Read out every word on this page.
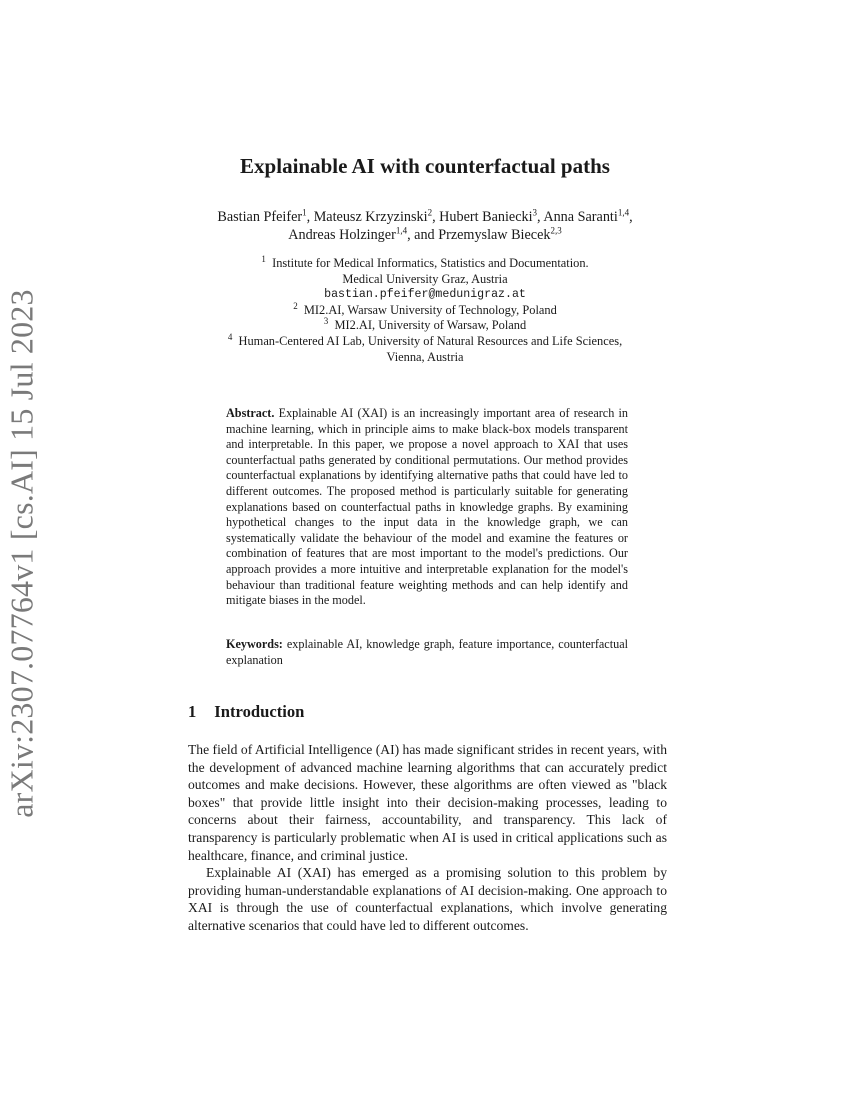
arXiv:2307.07764v1 [cs.AI] 15 Jul 2023
Explainable AI with counterfactual paths
Bastian Pfeifer$^1$, Mateusz Krzyzinski$^2$, Hubert Baniecki$^3$, Anna Saranti$^{1,4}$,
Andreas Holzinger$^{1,4}$, and Przemyslaw Biecek$^{2,3}$
$^1$ Institute for Medical Informatics, Statistics and Documentation.
Medical University Graz, Austria
bastian.pfeifer@medunigraz.at
$^2$ MI2.AI, Warsaw University of Technology, Poland
$^3$ MI2.AI, University of Warsaw, Poland
$^4$ Human-Centered AI Lab, University of Natural Resources and Life Sciences,
Vienna, Austria
Abstract. Explainable AI (XAI) is an increasingly important area of research in machine learning, which in principle aims to make black-box models transparent and interpretable. In this paper, we propose a novel approach to XAI that uses counterfactual paths generated by conditional permutations. Our method provides counterfactual explanations by identifying alternative paths that could have led to different outcomes. The proposed method is particularly suitable for generating explanations based on counterfactual paths in knowledge graphs. By examining hypothetical changes to the input data in the knowledge graph, we can systematically validate the behaviour of the model and examine the features or combination of features that are most important to the model's predictions. Our approach provides a more intuitive and interpretable explanation for the model's behaviour than traditional feature weighting methods and can help identify and mitigate biases in the model.
Keywords: explainable AI, knowledge graph, feature importance, counterfactual explanation
1 Introduction

The field of Artificial Intelligence (AI) has made significant strides in recent years, with the development of advanced machine learning algorithms that can accurately predict outcomes and make decisions. However, these algorithms are often viewed as "black boxes" that provide little insight into their decision-making processes, leading to concerns about their fairness, accountability, and transparency. This lack of transparency is particularly problematic when AI is used in critical applications such as healthcare, finance, and criminal justice.

Explainable AI (XAI) has emerged as a promising solution to this problem by providing human-understandable explanations of AI decision-making. One approach to XAI is through the use of counterfactual explanations, which involve generating alternative scenarios that could have led to different outcomes.
